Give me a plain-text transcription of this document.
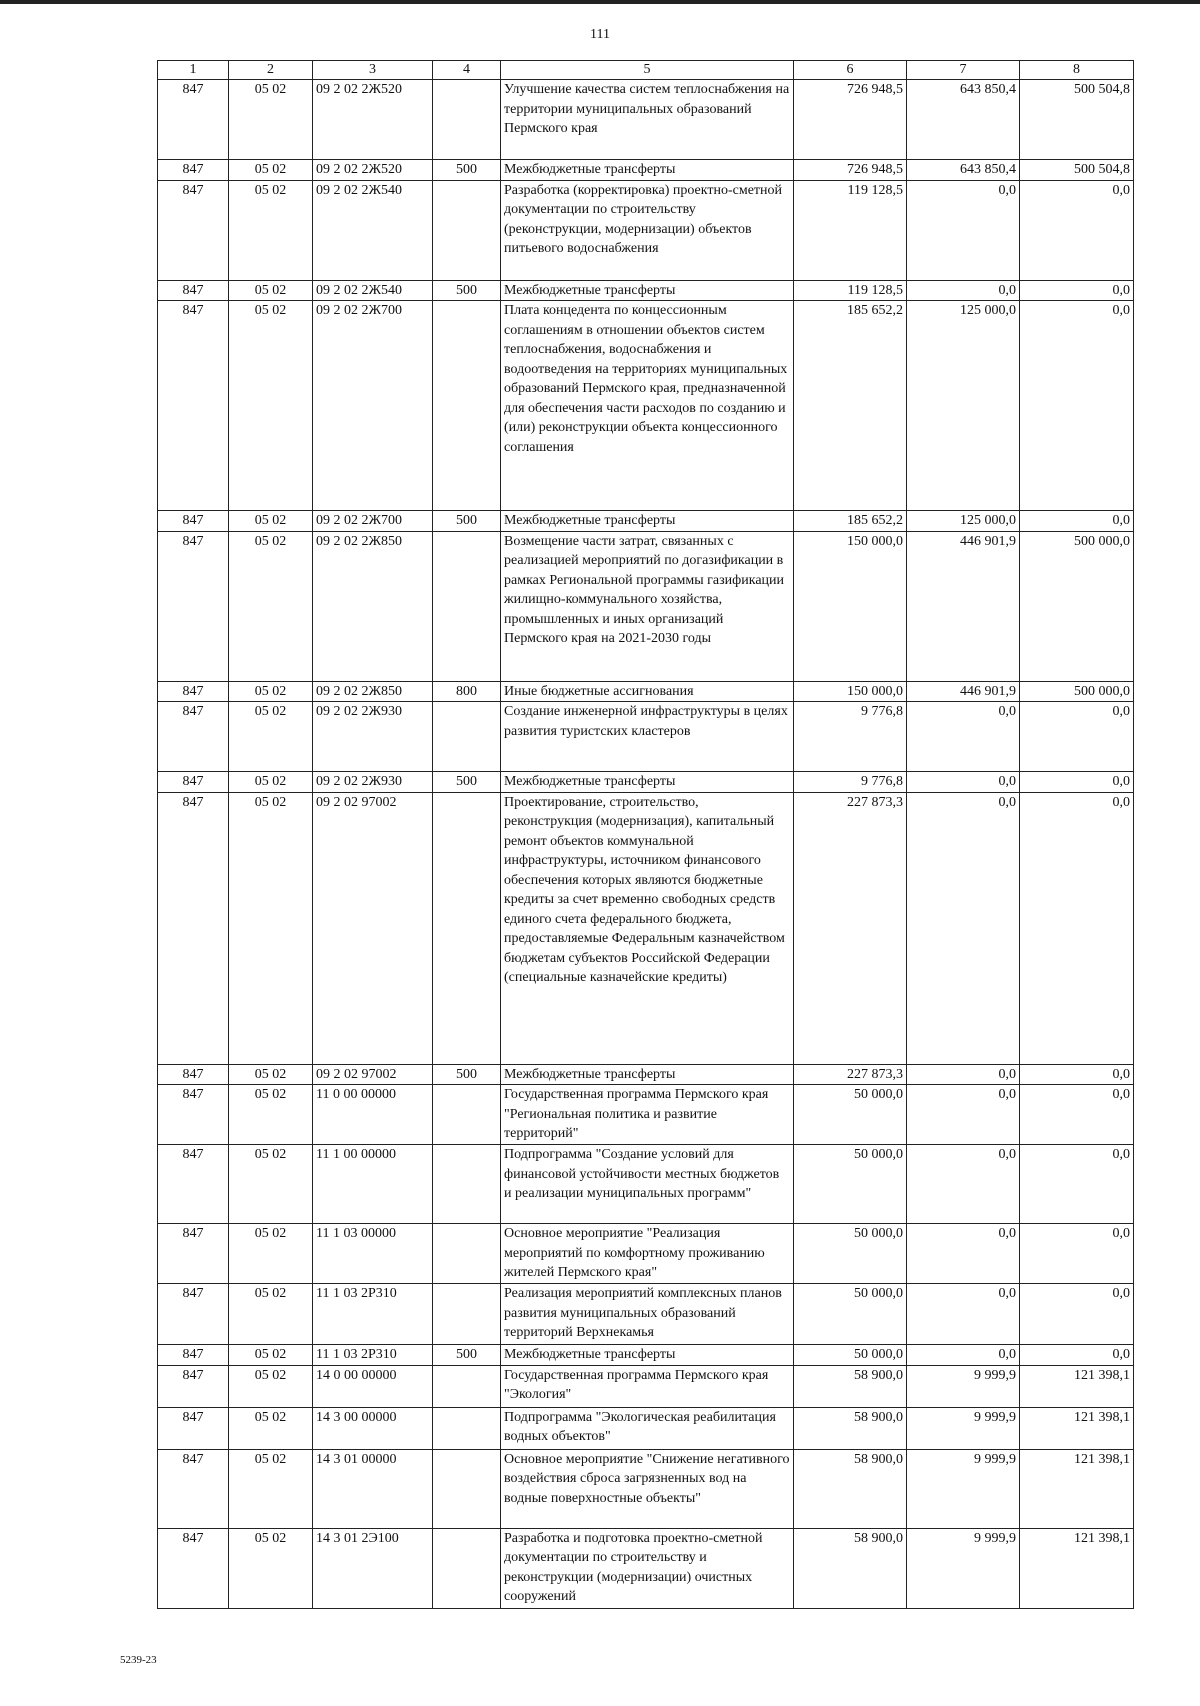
111
1	2	3	4	5	6	7	8
847	05 02	09 2 02 2Ж520		Улучшение качества систем теплоснабжения на территории муниципальных образований Пермского края	726 948,5	643 850,4	500 504,8
847	05 02	09 2 02 2Ж520	500	Межбюджетные трансферты	726 948,5	643 850,4	500 504,8
847	05 02	09 2 02 2Ж540		Разработка (корректировка) проектно-сметной документации по строительству (реконструкции, модернизации) объектов питьевого водоснабжения	119 128,5	0,0	0,0
847	05 02	09 2 02 2Ж540	500	Межбюджетные трансферты	119 128,5	0,0	0,0
847	05 02	09 2 02 2Ж700		Плата концедента по концессионным соглашениям в отношении объектов систем теплоснабжения, водоснабжения и водоотведения на территориях муниципальных образований Пермского края, предназначенной для обеспечения части расходов по созданию и (или) реконструкции объекта концессионного соглашения	185 652,2	125 000,0	0,0
847	05 02	09 2 02 2Ж700	500	Межбюджетные трансферты	185 652,2	125 000,0	0,0
847	05 02	09 2 02 2Ж850		Возмещение части затрат, связанных с реализацией мероприятий по догазификации в рамках Региональной программы газификации жилищно-коммунального хозяйства, промышленных и иных организаций Пермского края на 2021-2030 годы	150 000,0	446 901,9	500 000,0
847	05 02	09 2 02 2Ж850	800	Иные бюджетные ассигнования	150 000,0	446 901,9	500 000,0
847	05 02	09 2 02 2Ж930		Создание инженерной инфраструктуры в целях развития туристских кластеров	9 776,8	0,0	0,0
847	05 02	09 2 02 2Ж930	500	Межбюджетные трансферты	9 776,8	0,0	0,0
847	05 02	09 2 02 97002		Проектирование, строительство, реконструкция (модернизация), капитальный ремонт объектов коммунальной инфраструктуры, источником финансового обеспечения которых являются бюджетные кредиты за счет временно свободных средств единого счета федерального бюджета, предоставляемые Федеральным казначейством бюджетам субъектов Российской Федерации (специальные казначейские кредиты)	227 873,3	0,0	0,0
847	05 02	09 2 02 97002	500	Межбюджетные трансферты	227 873,3	0,0	0,0
847	05 02	11 0 00 00000		Государственная программа Пермского края "Региональная политика и развитие территорий"	50 000,0	0,0	0,0
847	05 02	11 1 00 00000		Подпрограмма "Создание условий для финансовой устойчивости местных бюджетов и реализации муниципальных программ"	50 000,0	0,0	0,0
847	05 02	11 1 03 00000		Основное мероприятие "Реализация мероприятий по комфортному проживанию жителей Пермского края"	50 000,0	0,0	0,0
847	05 02	11 1 03 2Р310		Реализация мероприятий комплексных планов развития муниципальных образований территорий Верхнекамья	50 000,0	0,0	0,0
847	05 02	11 1 03 2Р310	500	Межбюджетные трансферты	50 000,0	0,0	0,0
847	05 02	14 0 00 00000		Государственная программа Пермского края "Экология"	58 900,0	9 999,9	121 398,1
847	05 02	14 3 00 00000		Подпрограмма "Экологическая реабилитация водных объектов"	58 900,0	9 999,9	121 398,1
847	05 02	14 3 01 00000		Основное мероприятие "Снижение негативного воздействия сброса загрязненных вод на водные поверхностные объекты"	58 900,0	9 999,9	121 398,1
847	05 02	14 3 01 2Э100		Разработка и подготовка проектно-сметной документации по строительству и реконструкции (модернизации) очистных сооружений	58 900,0	9 999,9	121 398,1
5239-23
